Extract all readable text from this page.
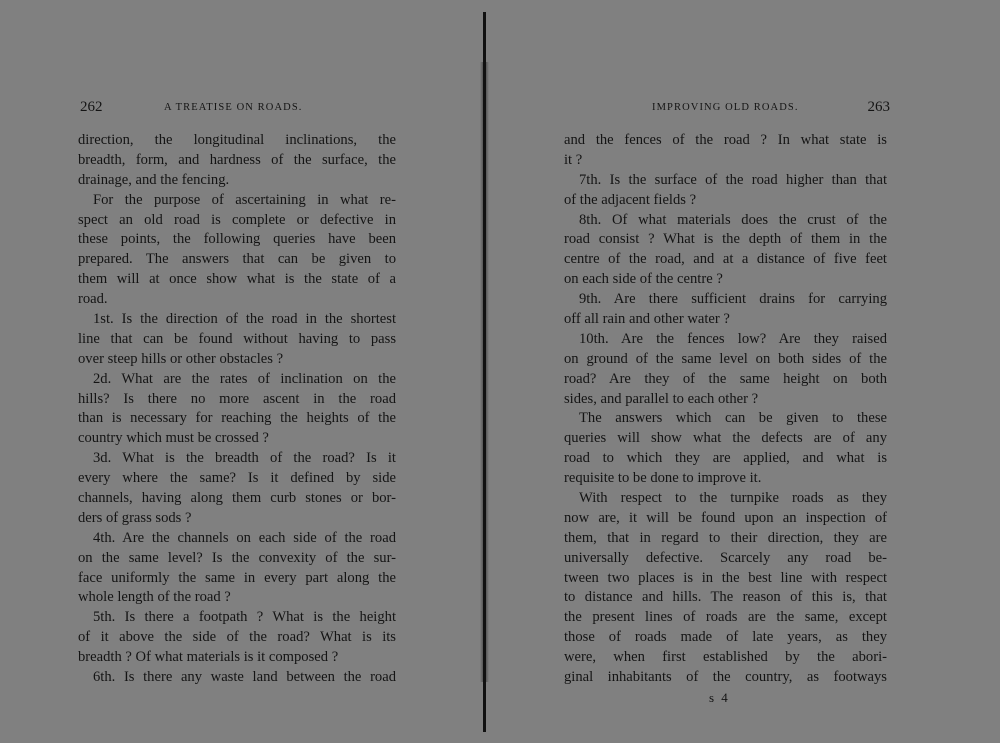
262	A TREATISE ON ROADS.
direction, the longitudinal inclinations, the
breadth, form, and hardness of the surface, the
drainage, and the fencing.
For the purpose of ascertaining in what re-
spect an old road is complete or defective in
these points, the following queries have been
prepared. The answers that can be given to
them will at once show what is the state of a
road.
1st. Is the direction of the road in the shortest
line that can be found without having to pass
over steep hills or other obstacles ?
2d. What are the rates of inclination on the
hills? Is there no more ascent in the road
than is necessary for reaching the heights of the
country which must be crossed ?
3d. What is the breadth of the road? Is it
every where the same? Is it defined by side
channels, having along them curb stones or bor-
ders of grass sods ?
4th. Are the channels on each side of the road
on the same level? Is the convexity of the sur-
face uniformly the same in every part along the
whole length of the road ?
5th. Is there a footpath ? What is the height
of it above the side of the road? What is its
breadth ? Of what materials is it composed ?
6th. Is there any waste land between the road
IMPROVING OLD ROADS.	263
and the fences of the road ? In what state is
it ?
7th. Is the surface of the road higher than that
of the adjacent fields ?
8th. Of what materials does the crust of the
road consist ? What is the depth of them in the
centre of the road, and at a distance of five feet
on each side of the centre ?
9th. Are there sufficient drains for carrying
off all rain and other water ?
10th. Are the fences low? Are they raised
on ground of the same level on both sides of the
road? Are they of the same height on both
sides, and parallel to each other ?
The answers which can be given to these
queries will show what the defects are of any
road to which they are applied, and what is
requisite to be done to improve it.
With respect to the turnpike roads as they
now are, it will be found upon an inspection of
them, that in regard to their direction, they are
universally defective. Scarcely any road be-
tween two places is in the best line with respect
to distance and hills. The reason of this is, that
the present lines of roads are the same, except
those of roads made of late years, as they
were, when first established by the abori-
ginal inhabitants of the country, as footways
s 4
